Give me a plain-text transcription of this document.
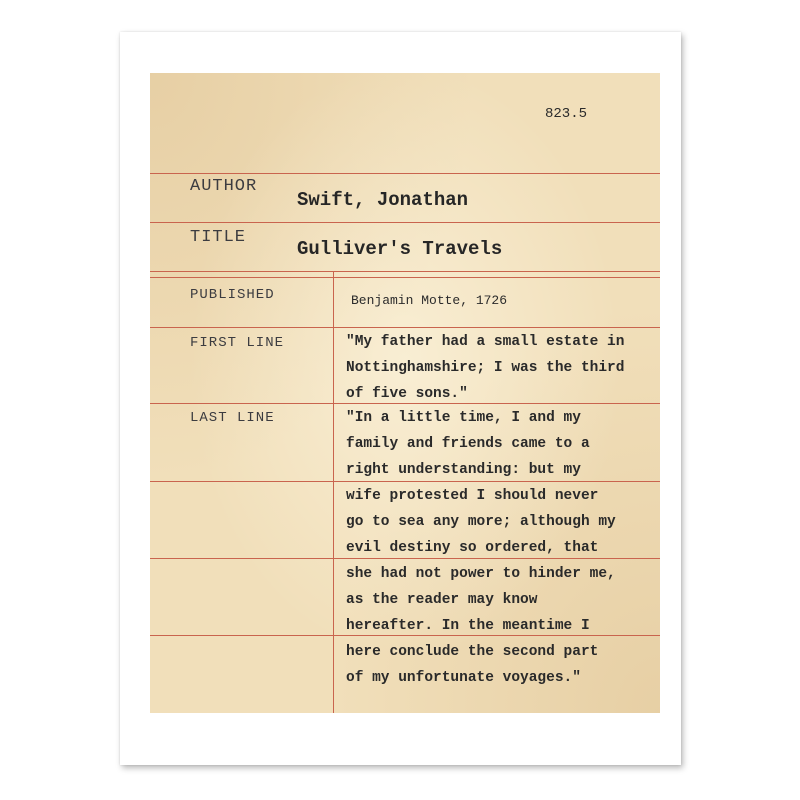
823.5
AUTHOR
Swift, Jonathan
TITLE
Gulliver's Travels
PUBLISHED	Benjamin Motte, 1726
FIRST LINE	"My father had a small estate in
Nottinghamshire; I was the third
of five sons."
LAST LINE	"In a little time, I and my
family and friends came to a
right understanding: but my
wife protested I should never
go to sea any more; although my
evil destiny so ordered, that
she had not power to hinder me,
as the reader may know
hereafter. In the meantime I
here conclude the second part
of my unfortunate voyages."
